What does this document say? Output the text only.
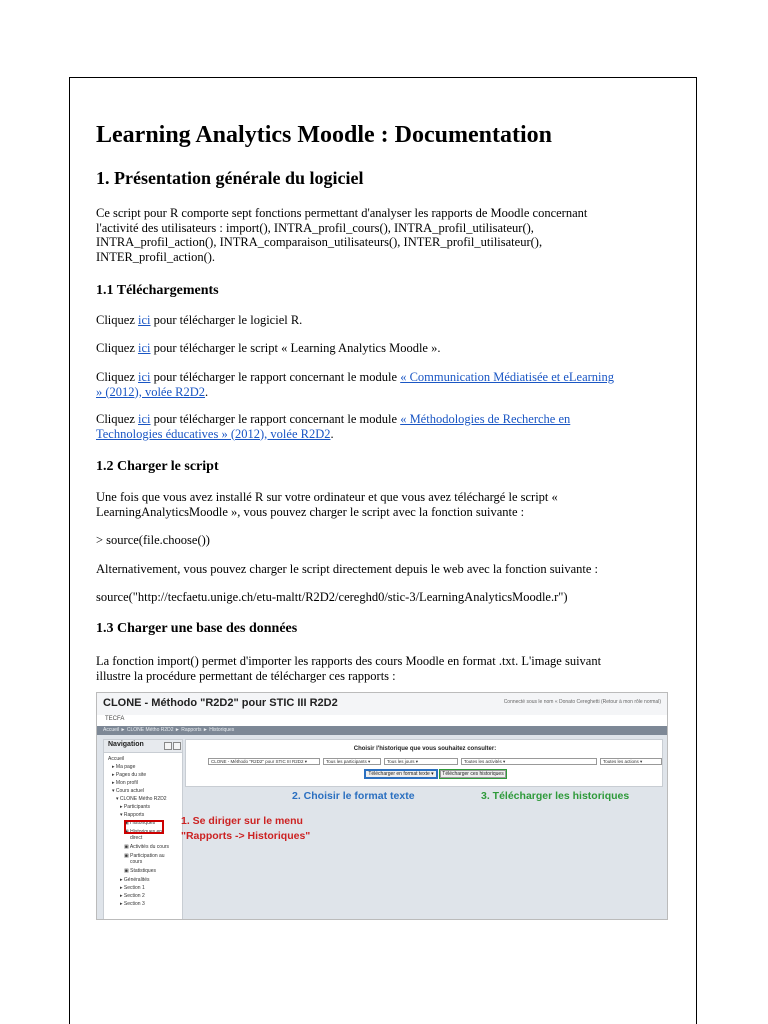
Learning Analytics Moodle : Documentation
1. Présentation générale du logiciel

Ce script pour R comporte sept fonctions permettant d'analyser les rapports de Moodle concernant

l'activité des utilisateurs : import(), INTRA_profil_cours(), INTRA_profil_utilisateur(),

INTRA_profil_action(), INTRA_comparaison_utilisateurs(), INTER_profil_utilisateur(),

INTER_profil_action().

1.1 Téléchargements

Cliquez ici pour télécharger le logiciel R.

Cliquez ici pour télécharger le script « Learning Analytics Moodle ».

Cliquez ici pour télécharger le rapport concernant le module « Communication Médiatisée et eLearning

» (2012), volée R2D2.

Cliquez ici pour télécharger le rapport concernant le module « Méthodologies de Recherche en

Technologies éducatives » (2012), volée R2D2.

1.2 Charger le script

Une fois que vous avez installé R sur votre ordinateur et que vous avez téléchargé le script «

LearningAnalyticsMoodle », vous pouvez charger le script avec la fonction suivante :

> source(file.choose())

Alternativement, vous pouvez charger le script directement depuis le web avec la fonction suivante :

source("http://tecfaetu.unige.ch/etu-maltt/R2D2/cereghd0/stic-3/LearningAnalyticsMoodle.r")

1.3 Charger une base des données

La fonction import() permet d'importer les rapports des cours Moodle en format .txt. L'image suivant

illustre la procédure permettant de télécharger ces rapports :

CLONE - Méthodo "R2D2" pour STIC III R2D2	Connecté sous le nom « Donato Cereghetti (Retour à mon rôle normal)
TECFA
Accueil ► CLONE Métho R2D2 ► Rapports ► Historiques
Navigation
Accueil
▸ Ma page
▸ Pages du site
▸ Mon profil
▾ Cours actuel
▾ CLONE Métho R2D2
▸ Participants
▾ Rapports
▣ Historiques
▣ Historiques en
direct
▣ Activités du cours
▣ Participation au
cours
▣ Statistiques
▸ Généralités
▸ Section 1
▸ Section 2
▸ Section 3
Choisir l'historique que vous souhaitez consulter:
CLONE - Méthodo "R2D2" pour STIC III R2D2 ▾	Tous les participants ▾	Tous les jours ▾	Toutes les activités ▾	Toutes les actions ▾
Télécharger en format texte ▾	Télécharger ces historiques
2. Choisir le format texte	3. Télécharger les historiques
1. Se diriger sur le menu
"Rapports -> Historiques"
